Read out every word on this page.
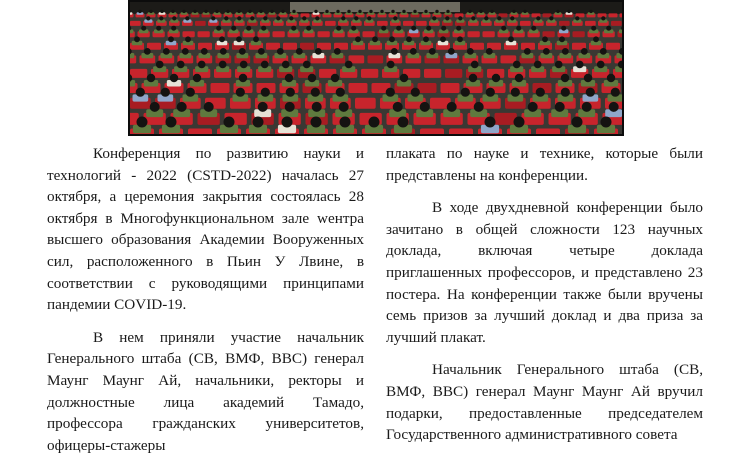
Конференция по развитию науки и технологий - 2022 (CSTD-2022) началась 27 октября, а церемония закрытия состоялась 28 октября в Многофункциональном зале wентра высшего образования Академии Вооруженных сил, расположенного в Пьин У Лвине, в соответствии с руководящими принципами пандемии COVID-19.

В нем приняли участие начальник Генерального штаба (СВ, ВМФ, ВВС) генерал Маунг Маунг Ай, начальники, ректоры и должностные лица академий Тамадо, профессора гражданских университетов, офицеры-стажеры

плаката по науке и технике, которые были представлены на конференции.

В ходе двухдневной конференции было зачитано в общей сложности 123 научных доклада, включая четыре доклада приглашенных профессоров, и представлено 23 постера. На конференции также были вручены семь призов за лучший доклад и два приза за лучший плакат.

Начальник Генерального штаба (СВ, ВМФ, ВВС) генерал Маунг Маунг Ай вручил подарки, предоставленные председателем Государственного административного совета
